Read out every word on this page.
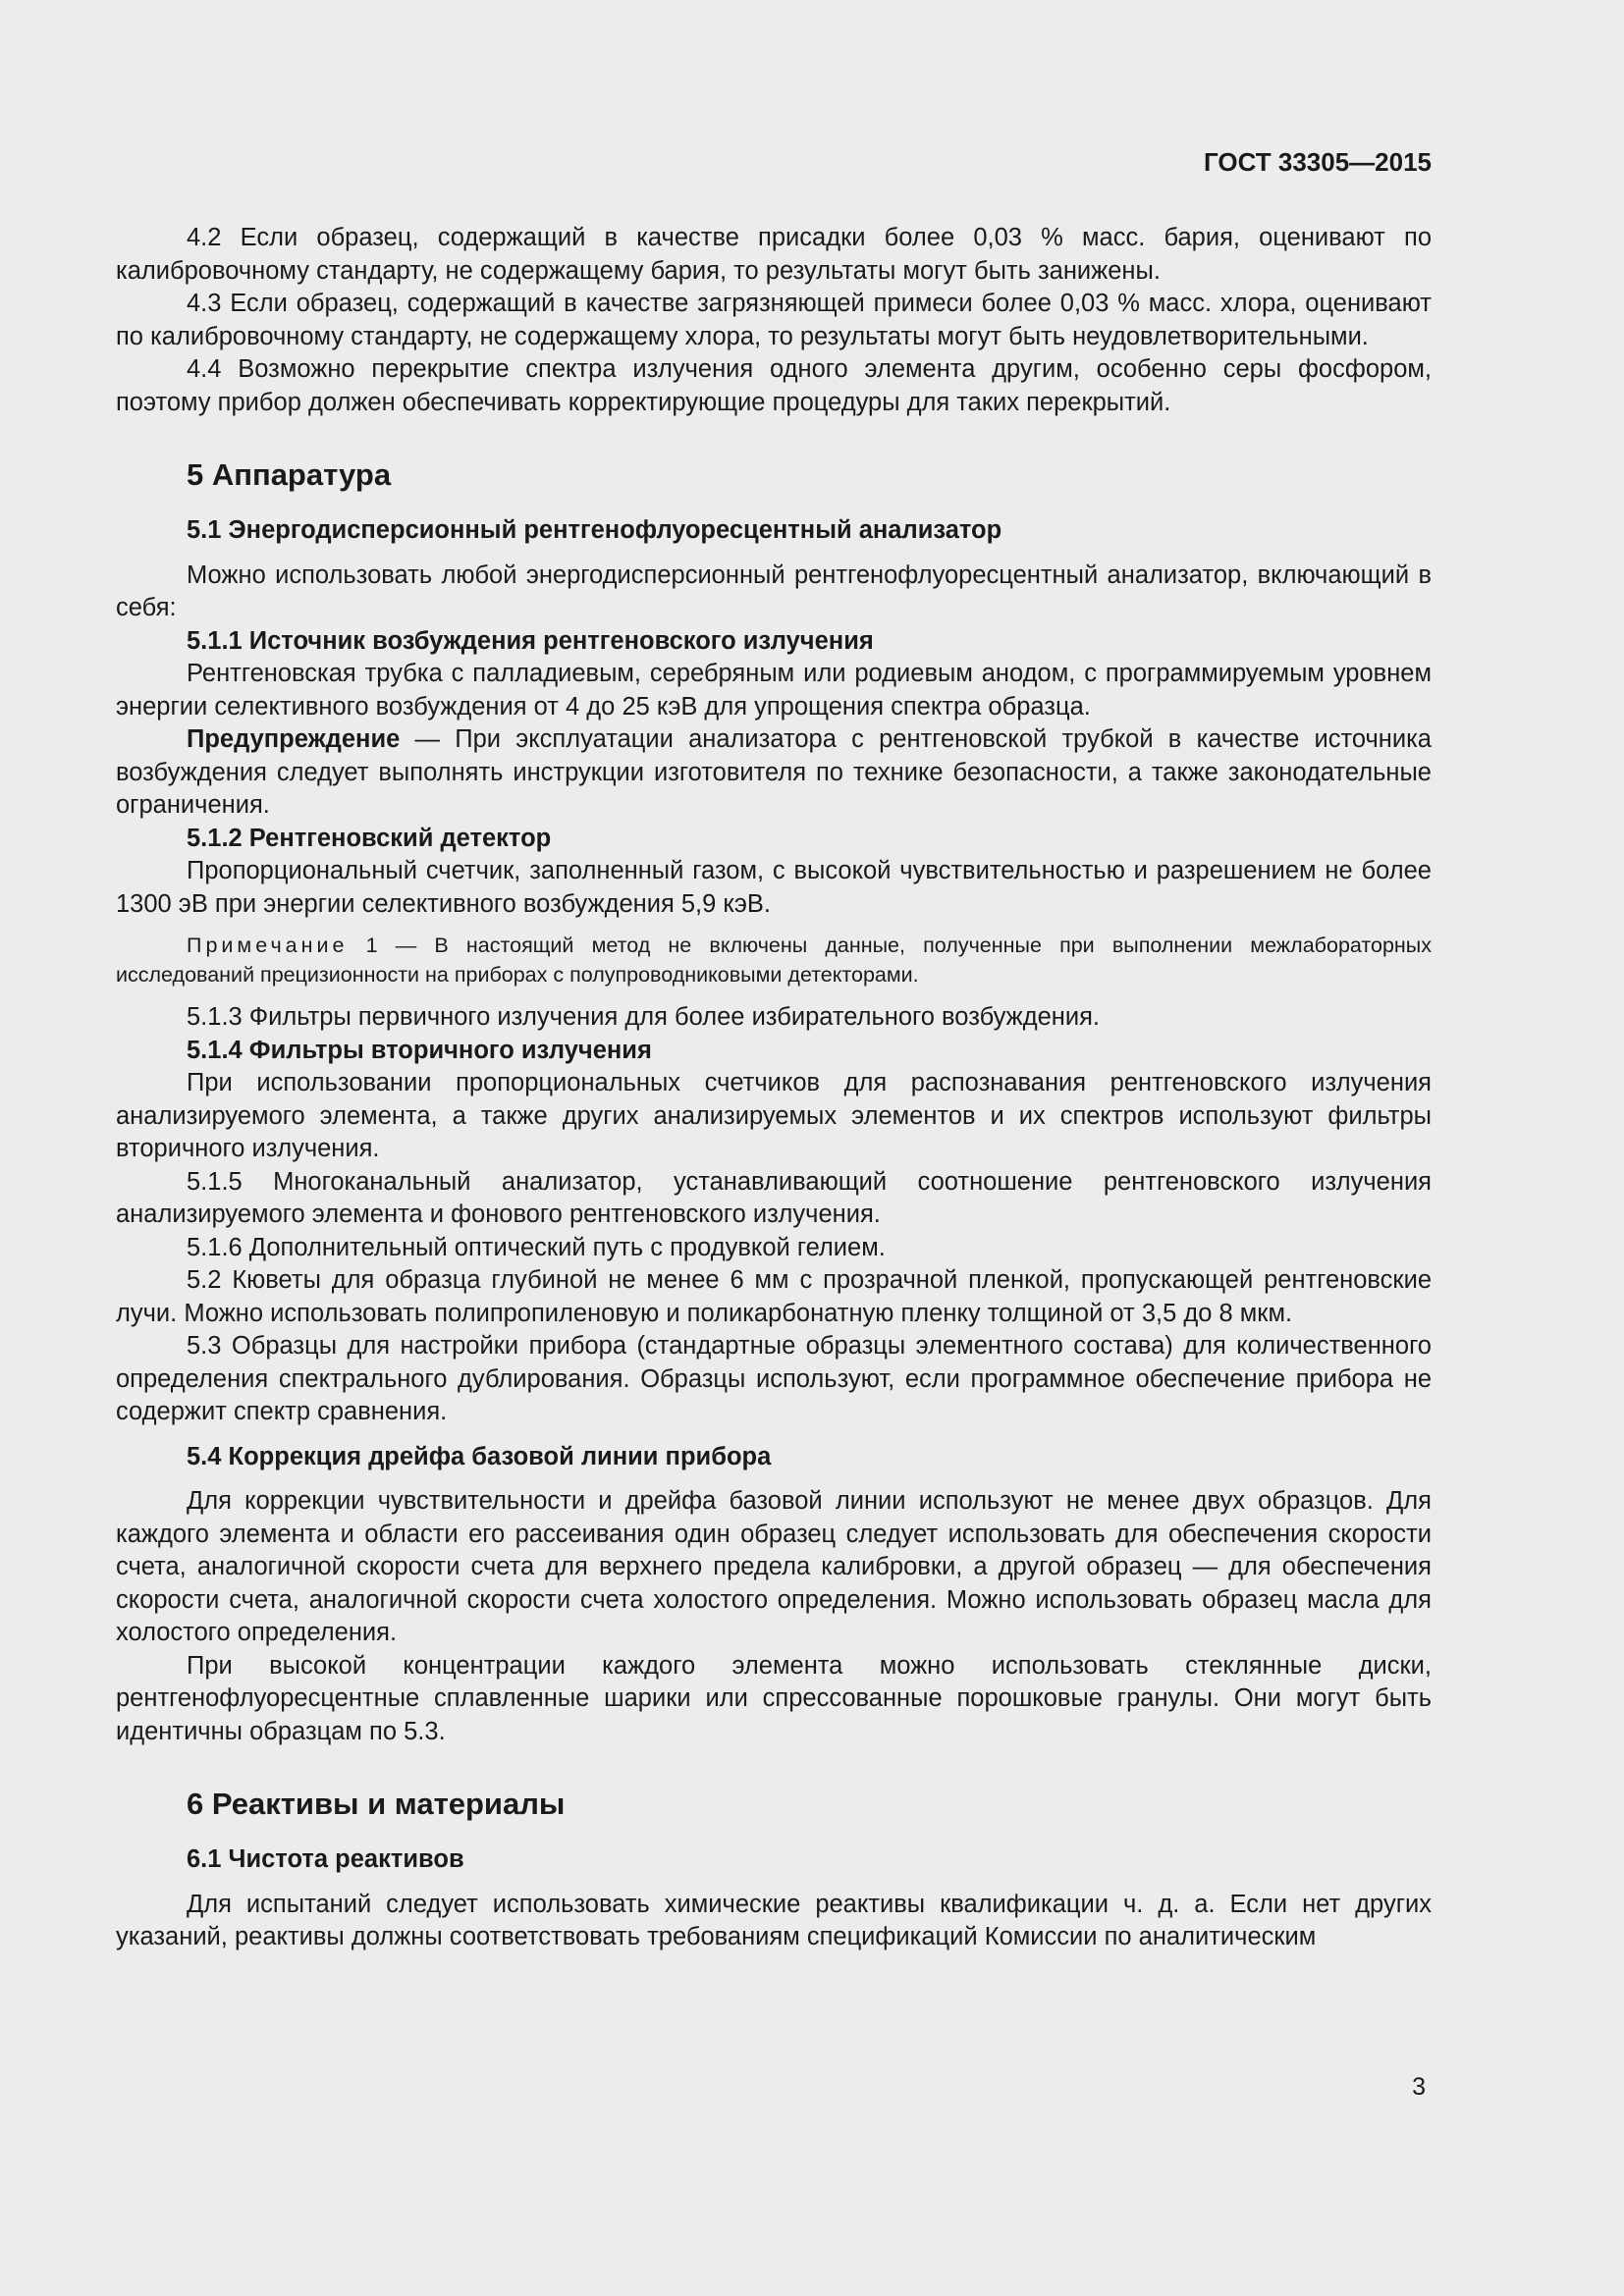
ГОСТ 33305—2015

4.2 Если образец, содержащий в качестве присадки более 0,03 % масс. бария, оценивают по калибровочному стандарту, не содержащему бария, то результаты могут быть занижены.

4.3 Если образец, содержащий в качестве загрязняющей примеси более 0,03 % масс. хлора, оценивают по калибровочному стандарту, не содержащему хлора, то результаты могут быть неудовлетворительными.

4.4 Возможно перекрытие спектра излучения одного элемента другим, особенно серы фосфором, поэтому прибор должен обеспечивать корректирующие процедуры для таких перекрытий.

5 Аппаратура
5.1 Энергодисперсионный рентгенофлуоресцентный анализатор

Можно использовать любой энергодисперсионный рентгенофлуоресцентный анализатор, включающий в себя:

5.1.1 Источник возбуждения рентгеновского излучения

Рентгеновская трубка с палладиевым, серебряным или родиевым анодом, с программируемым уровнем энергии селективного возбуждения от 4 до 25 кэВ для упрощения спектра образца.

Предупреждение — При эксплуатации анализатора с рентгеновской трубкой в качестве источника возбуждения следует выполнять инструкции изготовителя по технике безопасности, а также законодательные ограничения.

5.1.2 Рентгеновский детектор

Пропорциональный счетчик, заполненный газом, с высокой чувствительностью и разрешением не более 1300 эВ при энергии селективного возбуждения 5,9 кэВ.

Примечание 1 — В настоящий метод не включены данные, полученные при выполнении межлабораторных исследований прецизионности на приборах с полупроводниковыми детекторами.

5.1.3 Фильтры первичного излучения для более избирательного возбуждения.

5.1.4 Фильтры вторичного излучения

При использовании пропорциональных счетчиков для распознавания рентгеновского излучения анализируемого элемента, а также других анализируемых элементов и их спектров используют фильтры вторичного излучения.

5.1.5 Многоканальный анализатор, устанавливающий соотношение рентгеновского излучения анализируемого элемента и фонового рентгеновского излучения.

5.1.6 Дополнительный оптический путь с продувкой гелием.

5.2 Кюветы для образца глубиной не менее 6 мм с прозрачной пленкой, пропускающей рентгеновские лучи. Можно использовать полипропиленовую и поликарбонатную пленку толщиной от 3,5 до 8 мкм.

5.3 Образцы для настройки прибора (стандартные образцы элементного состава) для количественного определения спектрального дублирования. Образцы используют, если программное обеспечение прибора не содержит спектр сравнения.

5.4 Коррекция дрейфа базовой линии прибора

Для коррекции чувствительности и дрейфа базовой линии используют не менее двух образцов. Для каждого элемента и области его рассеивания один образец следует использовать для обеспечения скорости счета, аналогичной скорости счета для верхнего предела калибровки, а другой образец — для обеспечения скорости счета, аналогичной скорости счета холостого определения. Можно использовать образец масла для холостого определения.

При высокой концентрации каждого элемента можно использовать стеклянные диски, рентгенофлуоресцентные сплавленные шарики или спрессованные порошковые гранулы. Они могут быть идентичны образцам по 5.3.

6 Реактивы и материалы
6.1 Чистота реактивов

Для испытаний следует использовать химические реактивы квалификации ч. д. а. Если нет других указаний, реактивы должны соответствовать требованиям спецификаций Комиссии по аналитическим

3
